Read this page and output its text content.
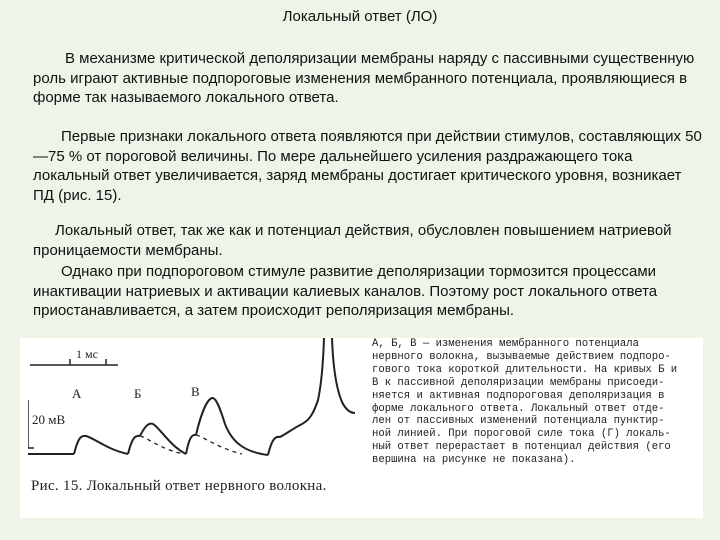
Локальный ответ (ЛО)

В механизме критической деполяризации мембраны наряду с пассивными существенную роль играют активные подпороговые изменения мембранного потенциала, проявляющиеся в форме так называемого локального ответа.

Первые признаки локального ответа появляются при действии стимулов, составляющих 50—75 % от пороговой величины. По мере дальнейшего усиления раздражающего тока локальный ответ увеличивается, заряд мембраны достигает критического уровня, возникает ПД (рис. 15).

Локальный ответ, так же как и потенциал действия, обусловлен повышением натриевой проницаемости мембраны.

Однако при подпороговом стимуле развитие деполяризации тормозится процессами инактивации натриевых и активации калиевых каналов. Поэтому рост локального ответа приостанавливается, а затем происходит реполяризация мембраны.

1 мс
20 мВ
А	Б	В
Рис. 15. Локальный ответ нервного волокна.
А, Б, В — изменения мембранного потенциала
нервного волокна, вызываемые действием подпоро-
гового тока короткой длительности. На кривых Б и
В к пассивной деполяризации мембраны присоеди-
няется и активная подпороговая деполяризация в
форме локального ответа. Локальный ответ отде-
лен от пассивных изменений потенциала пунктир-
ной линией. При пороговой силе тока (Г) локаль-
ный ответ перерастает в потенциал действия (его
вершина на рисунке не показана).
